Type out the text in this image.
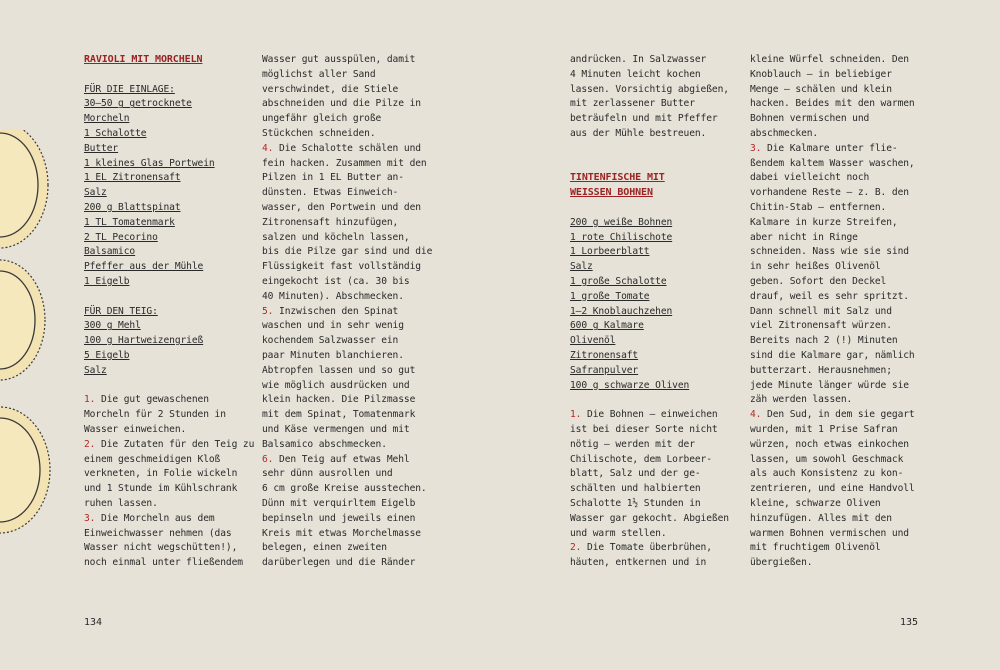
RAVIOLI MIT MORCHELN

FÜR DIE EINLAGE:
30–50 g getrocknete
Morcheln
1 Schalotte
Butter
1 kleines Glas Portwein
1 EL Zitronensaft
Salz
200 g Blattspinat
1 TL Tomatenmark
2 TL Pecorino
Balsamico
Pfeffer aus der Mühle
1 Eigelb
FÜR DEN TEIG:
300 g Mehl
100 g Hartweizengrieß
5 Eigelb
Salz

1. Die gut gewaschenen

Morcheln für 2 Stunden in

Wasser einweichen.

2. Die Zutaten für den Teig zu

einem geschmeidigen Kloß

verkneten, in Folie wickeln

und 1 Stunde im Kühlschrank

ruhen lassen.

3. Die Morcheln aus dem

Einweichwasser nehmen (das

Wasser nicht wegschütten!),

noch einmal unter fließendem

Wasser gut ausspülen, damit

möglichst aller Sand

verschwindet, die Stiele

abschneiden und die Pilze in

ungefähr gleich große

Stückchen schneiden.

4. Die Schalotte schälen und

fein hacken. Zusammen mit den

Pilzen in 1 EL Butter an-

dünsten. Etwas Einweich-

wasser, den Portwein und den

Zitronensaft hinzufügen,

salzen und köcheln lassen,

bis die Pilze gar sind und die

Flüssigkeit fast vollständig

eingekocht ist (ca. 30 bis

40 Minuten). Abschmecken.

5. Inzwischen den Spinat

waschen und in sehr wenig

kochendem Salzwasser ein

paar Minuten blanchieren.

Abtropfen lassen und so gut

wie möglich ausdrücken und

klein hacken. Die Pilzmasse

mit dem Spinat, Tomatenmark

und Käse vermengen und mit

Balsamico abschmecken.

6. Den Teig auf etwas Mehl

sehr dünn ausrollen und

6 cm große Kreise ausstechen.

Dünn mit verquirltem Eigelb

bepinseln und jeweils einen

Kreis mit etwas Morchelmasse

belegen, einen zweiten

darüberlegen und die Ränder

andrücken. In Salzwasser

4 Minuten leicht kochen

lassen. Vorsichtig abgießen,

mit zerlassener Butter

beträufeln und mit Pfeffer

aus der Mühle bestreuen.

TINTENFISCHE MIT

WEISSEN BOHNEN

200 g weiße Bohnen
1 rote Chilischote
1 Lorbeerblatt
Salz
1 große Schalotte
1 große Tomate
1–2 Knoblauchzehen
600 g Kalmare
Olivenöl
Zitronensaft
Safranpulver
100 g schwarze Oliven

1. Die Bohnen – einweichen

ist bei dieser Sorte nicht

nötig – werden mit der

Chilischote, dem Lorbeer-

blatt, Salz und der ge-

schälten und halbierten

Schalotte 1½ Stunden in

Wasser gar gekocht. Abgießen

und warm stellen.

2. Die Tomate überbrühen,

häuten, entkernen und in

kleine Würfel schneiden. Den

Knoblauch – in beliebiger

Menge – schälen und klein

hacken. Beides mit den warmen

Bohnen vermischen und

abschmecken.

3. Die Kalmare unter flie-

ßendem kaltem Wasser waschen,

dabei vielleicht noch

vorhandene Reste – z. B. den

Chitin-Stab – entfernen.

Kalmare in kurze Streifen,

aber nicht in Ringe

schneiden. Nass wie sie sind

in sehr heißes Olivenöl

geben. Sofort den Deckel

drauf, weil es sehr spritzt.

Dann schnell mit Salz und

viel Zitronensaft würzen.

Bereits nach 2 (!) Minuten

sind die Kalmare gar, nämlich

butterzart. Herausnehmen;

jede Minute länger würde sie

zäh werden lassen.

4. Den Sud, in dem sie gegart

wurden, mit 1 Prise Safran

würzen, noch etwas einkochen

lassen, um sowohl Geschmack

als auch Konsistenz zu kon-

zentrieren, und eine Handvoll

kleine, schwarze Oliven

hinzufügen. Alles mit den

warmen Bohnen vermischen und

mit fruchtigem Olivenöl

übergießen.

134	135
